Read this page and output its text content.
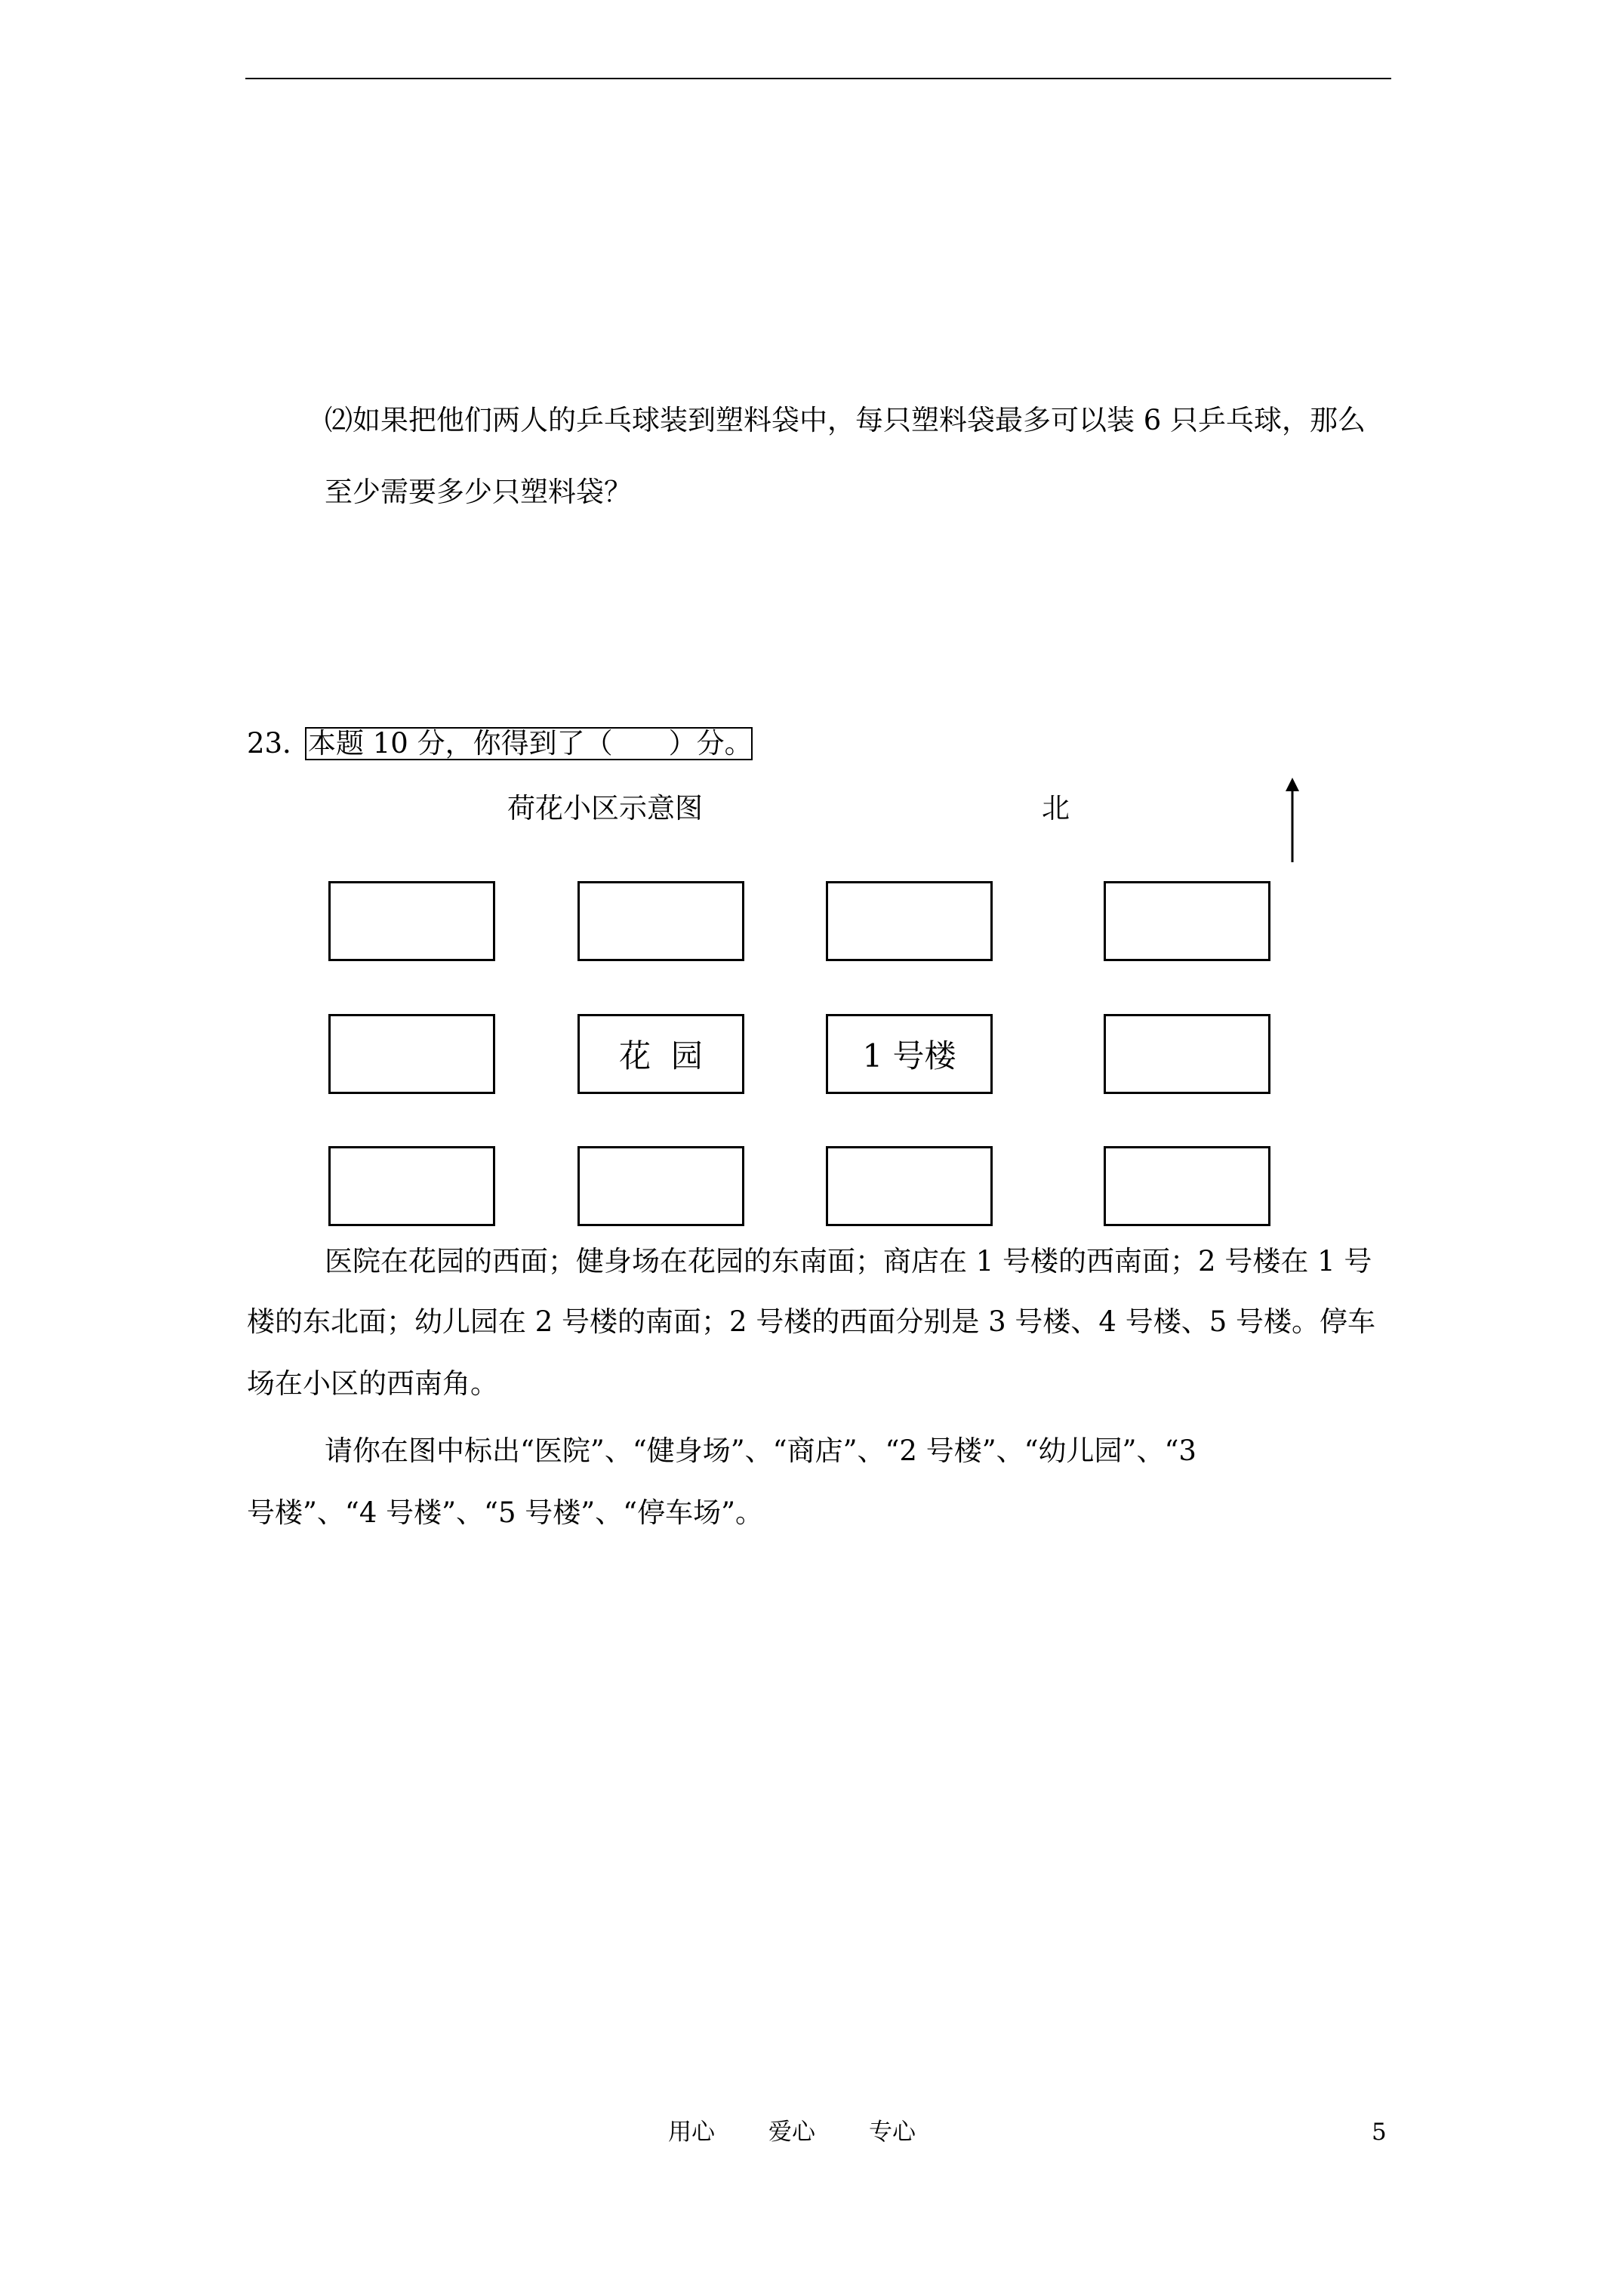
⑵如果把他们两人的乒乓球装到塑料袋中，每只塑料袋最多可以装 6 只乒乓球，那么
至少需要多少只塑料袋？
23．
本题 10 分，你得到了（　　）分。
荷花小区示意图	北
花  园	1 号楼
医院在花园的西面；健身场在花园的东南面；商店在 1 号楼的西南面；2 号楼在 1 号
楼的东北面；幼儿园在 2 号楼的南面；2 号楼的西面分别是 3 号楼、4 号楼、5 号楼。停车
场在小区的西南角。
请你在图中标出“医院”、“健身场”、“商店”、“2 号楼”、“幼儿园”、“3
号楼”、“4 号楼”、“5 号楼”、“停车场”。
用心 爱心 专心	5
